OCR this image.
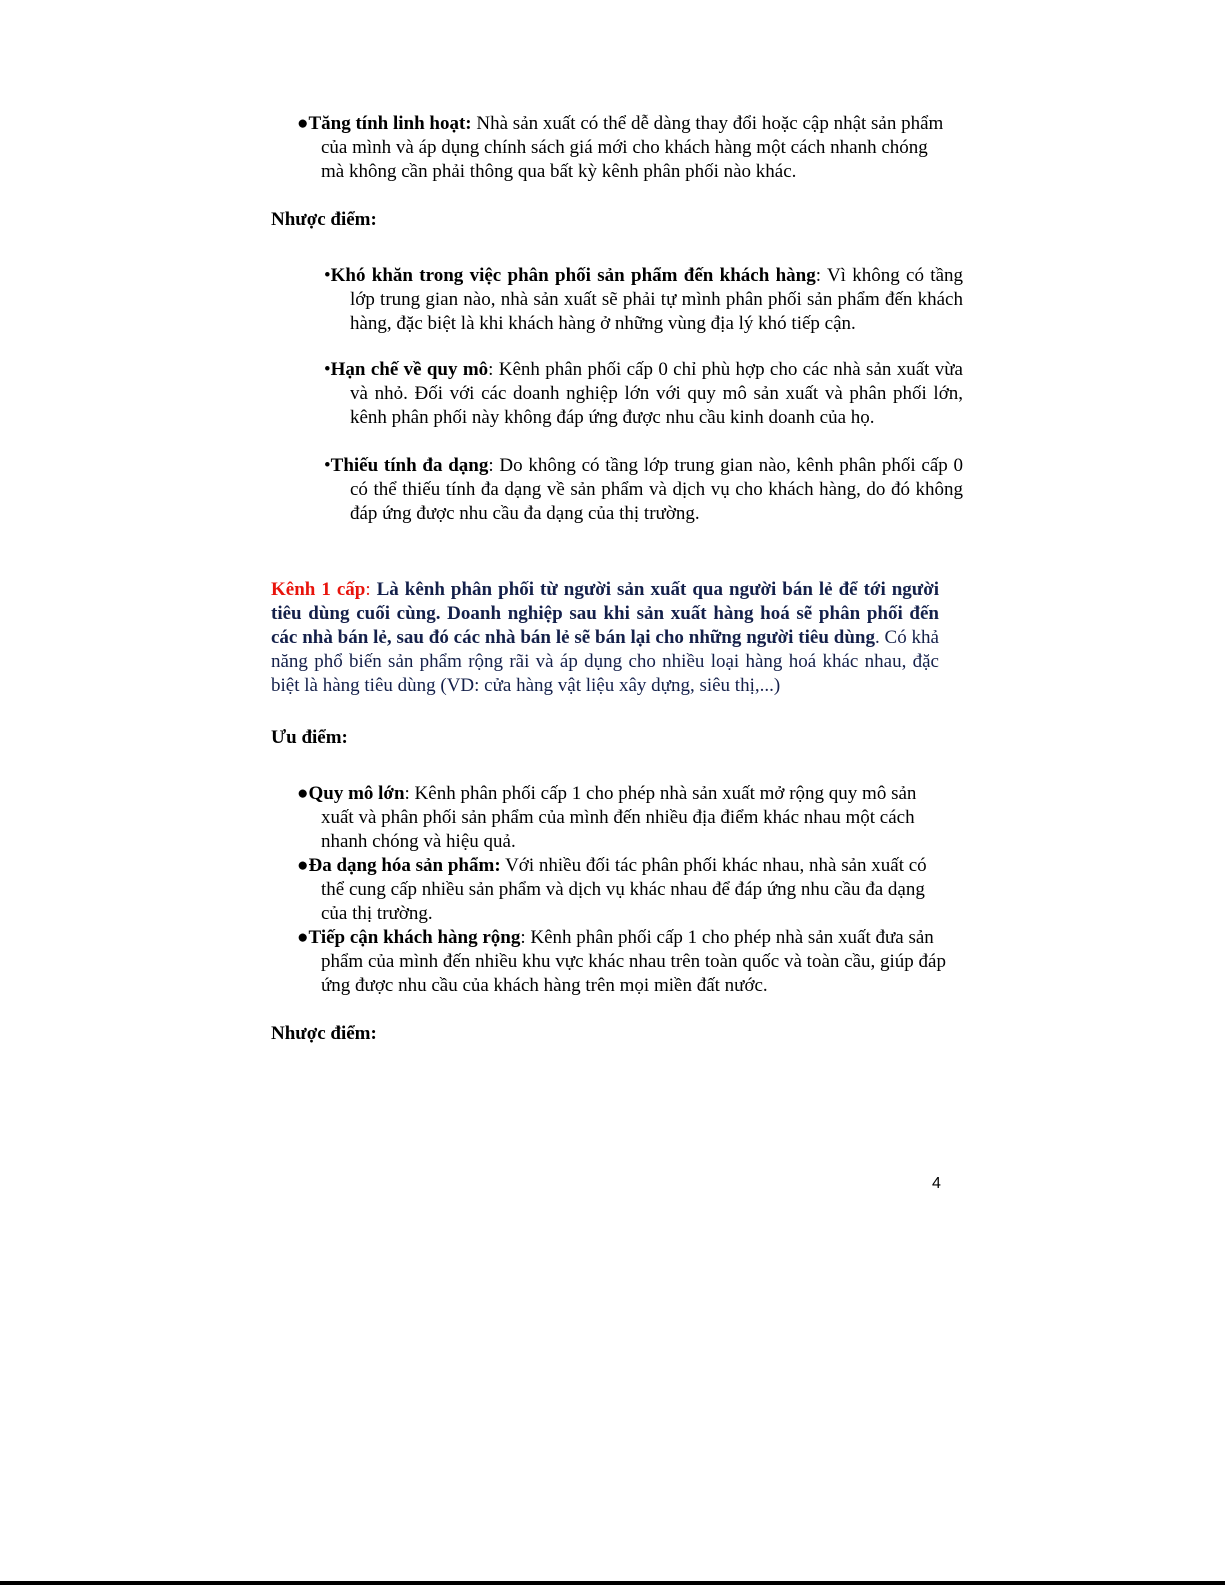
●Tăng tính linh hoạt: Nhà sản xuất có thể dễ dàng thay đổi hoặc cập nhật sản phẩm của mình và áp dụng chính sách giá mới cho khách hàng một cách nhanh chóng mà không cần phải thông qua bất kỳ kênh phân phối nào khác.
Nhược điểm:
•Khó khăn trong việc phân phối sản phẩm đến khách hàng: Vì không có tầng lớp trung gian nào, nhà sản xuất sẽ phải tự mình phân phối sản phẩm đến khách hàng, đặc biệt là khi khách hàng ở những vùng địa lý khó tiếp cận.
•Hạn chế về quy mô: Kênh phân phối cấp 0 chỉ phù hợp cho các nhà sản xuất vừa và nhỏ. Đối với các doanh nghiệp lớn với quy mô sản xuất và phân phối lớn, kênh phân phối này không đáp ứng được nhu cầu kinh doanh của họ.
•Thiếu tính đa dạng: Do không có tầng lớp trung gian nào, kênh phân phối cấp 0 có thể thiếu tính đa dạng về sản phẩm và dịch vụ cho khách hàng, do đó không đáp ứng được nhu cầu đa dạng của thị trường.
Kênh 1 cấp: Là kênh phân phối từ người sản xuất qua người bán lẻ để tới người tiêu dùng cuối cùng. Doanh nghiệp sau khi sản xuất hàng hoá sẽ phân phối đến các nhà bán lẻ, sau đó các nhà bán lẻ sẽ bán lại cho những người tiêu dùng. Có khả năng phổ biến sản phẩm rộng rãi và áp dụng cho nhiều loại hàng hoá khác nhau, đặc biệt là hàng tiêu dùng (VD: cửa hàng vật liệu xây dựng, siêu thị,...)
Ưu điểm:
●Quy mô lớn: Kênh phân phối cấp 1 cho phép nhà sản xuất mở rộng quy mô sản xuất và phân phối sản phẩm của mình đến nhiều địa điểm khác nhau một cách nhanh chóng và hiệu quả.
●Đa dạng hóa sản phẩm: Với nhiều đối tác phân phối khác nhau, nhà sản xuất có thể cung cấp nhiều sản phẩm và dịch vụ khác nhau để đáp ứng nhu cầu đa dạng của thị trường.
●Tiếp cận khách hàng rộng: Kênh phân phối cấp 1 cho phép nhà sản xuất đưa sản phẩm của mình đến nhiều khu vực khác nhau trên toàn quốc và toàn cầu, giúp đáp ứng được nhu cầu của khách hàng trên mọi miền đất nước.
Nhược điểm:
4
